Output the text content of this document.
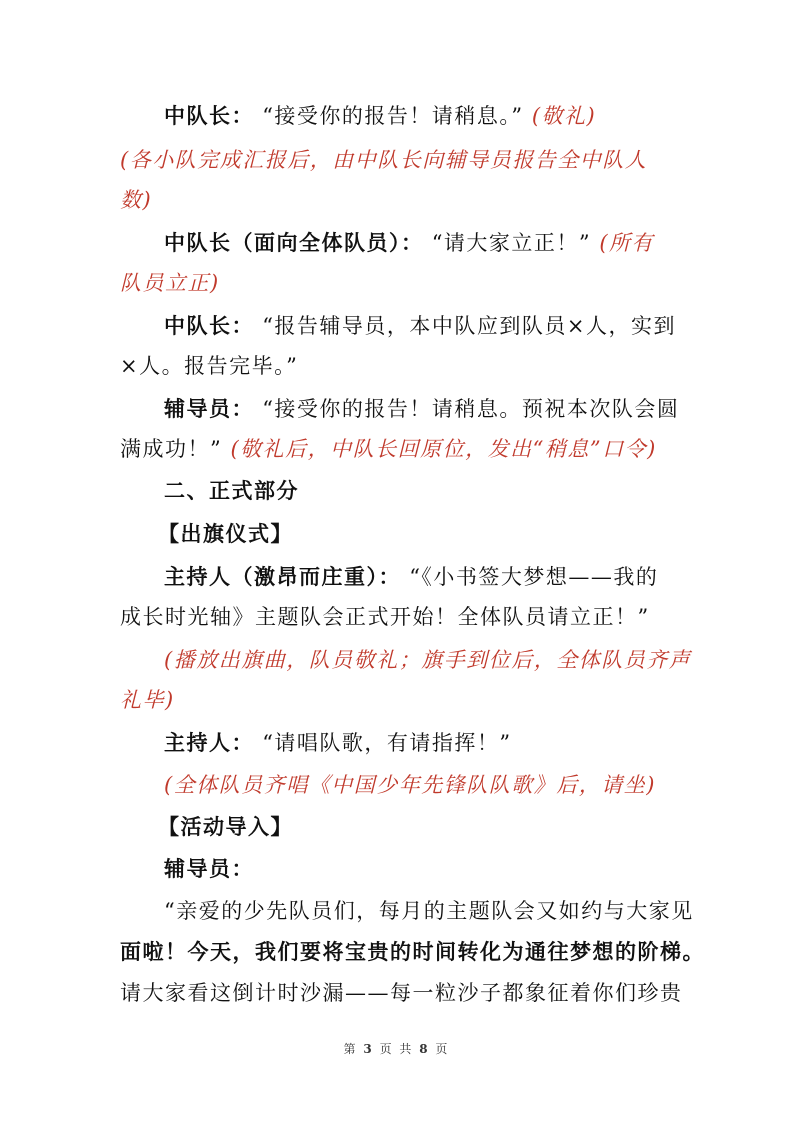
中队长： “接受你的报告！请稍息。” (敬礼)
(各小队完成汇报后，由中队长向辅导员报告全中队人
数)
中队长（面向全体队员）： “请大家立正！” (所有
队员立正)
中队长： “报告辅导员，本中队应到队员×人，实到
×人。报告完毕。”
辅导员： “接受你的报告！请稍息。预祝本次队会圆
满成功！” (敬礼后，中队长回原位，发出“稍息”口令)
二、正式部分
【出旗仪式】
主持人（激昂而庄重）： “《小书签大梦想——我的
成长时光轴》主题队会正式开始！全体队员请立正！”
(播放出旗曲，队员敬礼；旗手到位后，全体队员齐声
礼毕)
主持人： “请唱队歌，有请指挥！”
(全体队员齐唱《中国少年先锋队队歌》后，请坐)
【活动导入】
辅导员：
“亲爱的少先队员们，每月的主题队会又如约与大家见
面啦！今天，我们要将宝贵的时间转化为通往梦想的阶梯。
请大家看这倒计时沙漏——每一粒沙子都象征着你们珍贵
第 3 页 共 8 页
